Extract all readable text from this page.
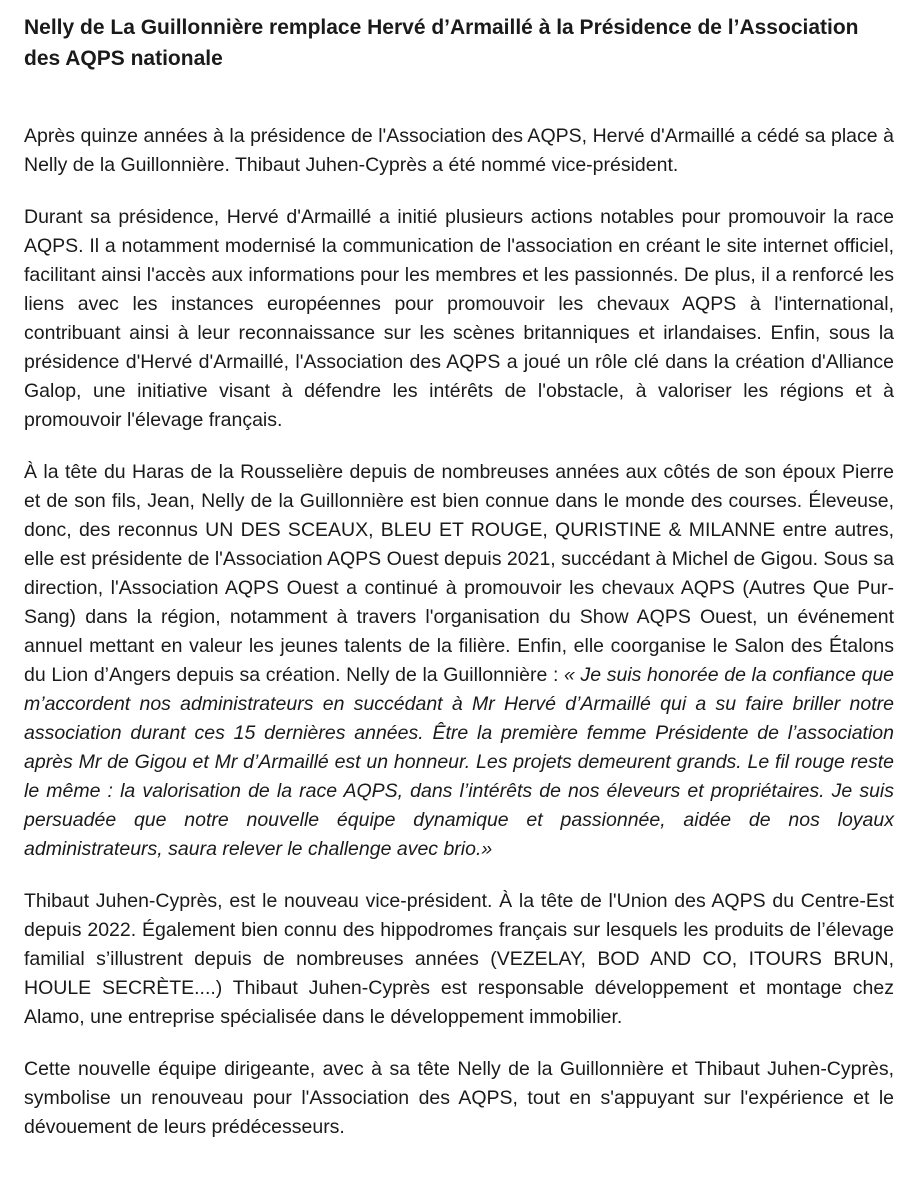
Nelly de La Guillonnière remplace Hervé d’Armaillé à la Présidence de l’Association des AQPS nationale

Après quinze années à la présidence de l'Association des AQPS, Hervé d'Armaillé a cédé sa place à Nelly de la Guillonnière. Thibaut Juhen-Cyprès a été nommé vice-président.

Durant sa présidence, Hervé d'Armaillé a initié plusieurs actions notables pour promouvoir la race AQPS. Il a notamment modernisé la communication de l'association en créant le site internet officiel, facilitant ainsi l'accès aux informations pour les membres et les passionnés. De plus, il a renforcé les liens avec les instances européennes pour promouvoir les chevaux AQPS à l'international, contribuant ainsi à leur reconnaissance sur les scènes britanniques et irlandaises. Enfin, sous la présidence d'Hervé d'Armaillé, l'Association des AQPS a joué un rôle clé dans la création d'Alliance Galop, une initiative visant à défendre les intérêts de l'obstacle, à valoriser les régions et à promouvoir l'élevage français.

À la tête du Haras de la Rousselière depuis de nombreuses années aux côtés de son époux Pierre et de son fils, Jean, Nelly de la Guillonnière est bien connue dans le monde des courses. Éleveuse, donc, des reconnus UN DES SCEAUX, BLEU ET ROUGE, QURISTINE & MILANNE entre autres, elle est présidente de l'Association AQPS Ouest depuis 2021, succédant à Michel de Gigou. Sous sa direction, l'Association AQPS Ouest a continué à promouvoir les chevaux AQPS (Autres Que Pur-Sang) dans la région, notamment à travers l'organisation du Show AQPS Ouest, un événement annuel mettant en valeur les jeunes talents de la filière. Enfin, elle coorganise le Salon des Étalons du Lion d’Angers depuis sa création. Nelly de la Guillonnière : « Je suis honorée de la confiance que m’accordent nos administrateurs en succédant à Mr Hervé d’Armaillé qui a su faire briller notre association durant ces 15 dernières années. Être la première femme Présidente de l’association après Mr de Gigou et Mr d’Armaillé est un honneur. Les projets demeurent grands. Le fil rouge reste le même : la valorisation de la race AQPS, dans l’intérêts de nos éleveurs et propriétaires. Je suis persuadée que notre nouvelle équipe dynamique et passionnée, aidée de nos loyaux administrateurs, saura relever le challenge avec brio.»

Thibaut Juhen-Cyprès, est le nouveau vice-président. À la tête de l'Union des AQPS du Centre-Est depuis 2022. Également bien connu des hippodromes français sur lesquels les produits de l’élevage familial s’illustrent depuis de nombreuses années (VEZELAY, BOD AND CO, ITOURS BRUN, HOULE SECRÈTE....) Thibaut Juhen-Cyprès est responsable développement et montage chez Alamo, une entreprise spécialisée dans le développement immobilier.

Cette nouvelle équipe dirigeante, avec à sa tête Nelly de la Guillonnière et Thibaut Juhen-Cyprès, symbolise un renouveau pour l'Association des AQPS, tout en s'appuyant sur l'expérience et le dévouement de leurs prédécesseurs.
